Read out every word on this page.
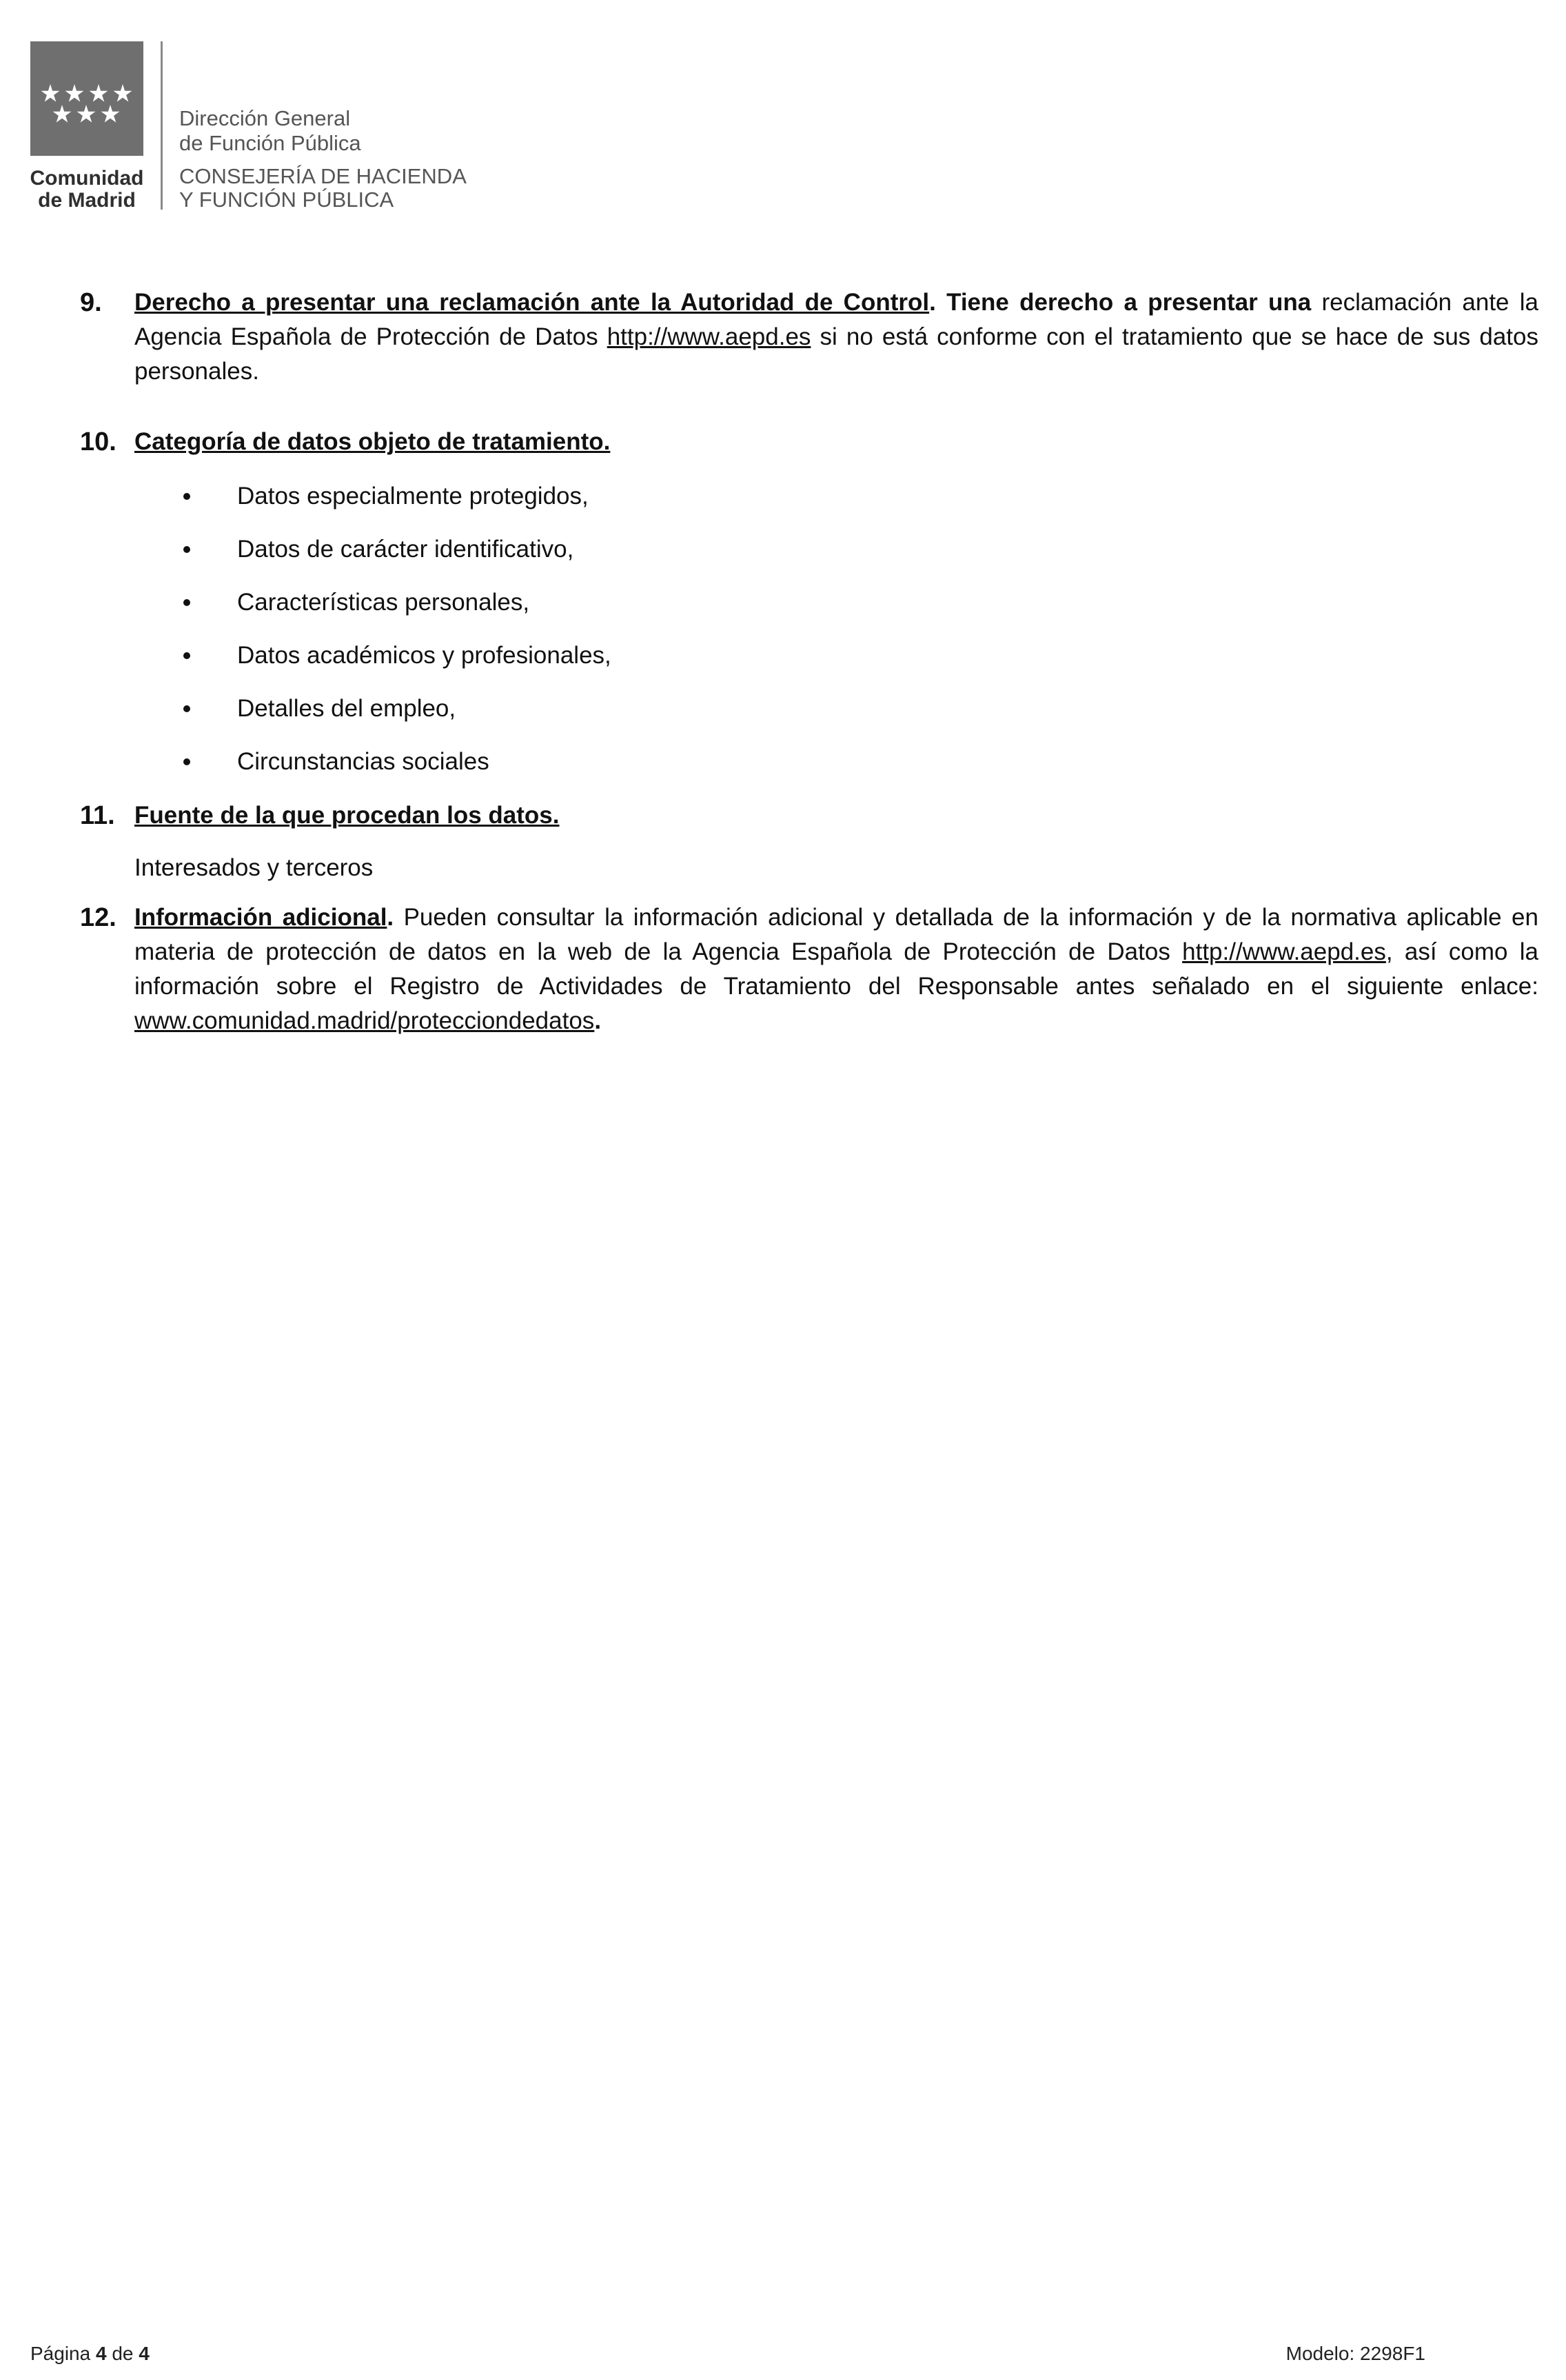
Comunidad
de Madrid
Dirección General
de Función Pública
CONSEJERÍA DE HACIENDA
Y FUNCIÓN PÚBLICA
9. Derecho a presentar una reclamación ante la Autoridad de Control. Tiene derecho a presentar una reclamación ante la Agencia Española de Protección de Datos http://www.aepd.es si no está conforme con el tratamiento que se hace de sus datos personales.
10. Categoría de datos objeto de tratamiento.
Datos especialmente protegidos,
Datos de carácter identificativo,
Características personales,
Datos académicos y profesionales,
Detalles del empleo,
Circunstancias sociales
11. Fuente de la que procedan los datos.
Interesados y terceros
12. Información adicional. Pueden consultar la información adicional y detallada de la información y de la normativa aplicable en materia de protección de datos en la web de la Agencia Española de Protección de Datos http://www.aepd.es, así como la información sobre el Registro de Actividades de Tratamiento del Responsable antes señalado en el siguiente enlace: www.comunidad.madrid/protecciondedatos.
Página 4 de 4	Modelo: 2298F1
